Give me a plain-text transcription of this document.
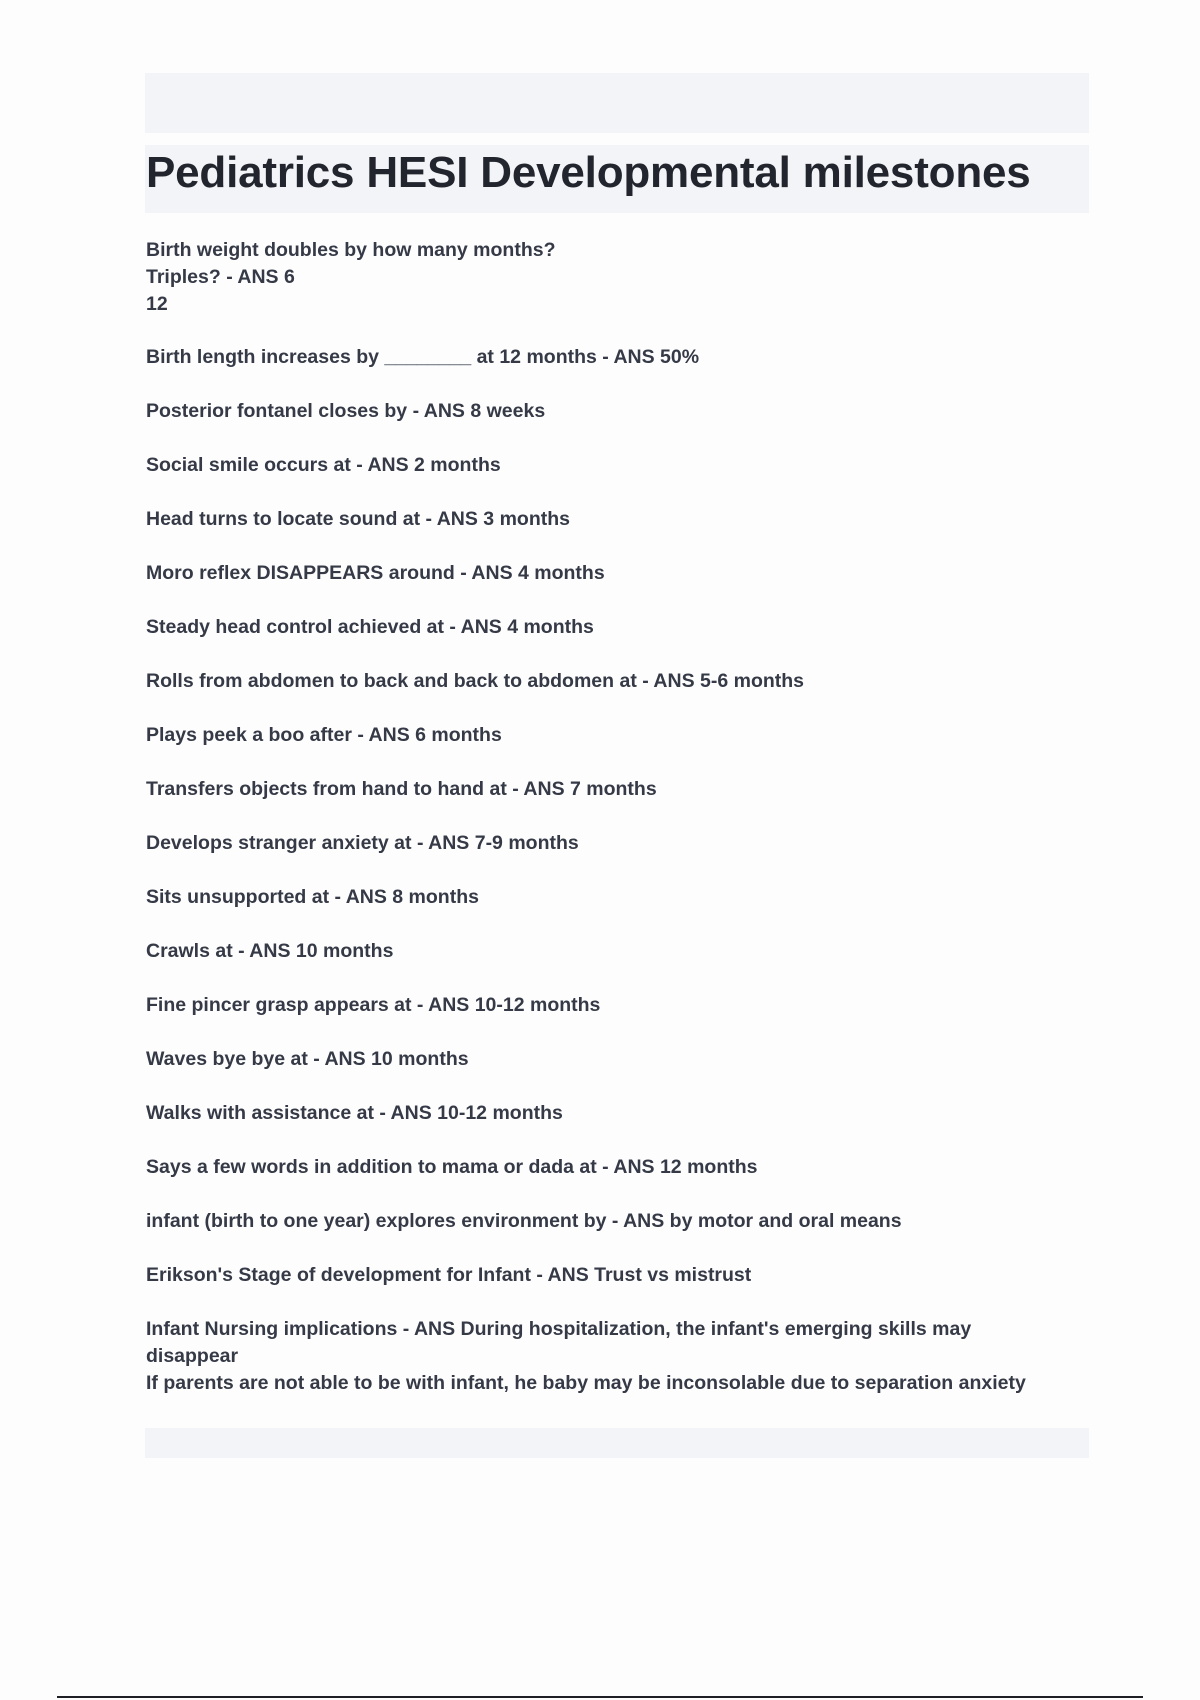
Pediatrics HESI Developmental milestones

Birth weight doubles by how many months?
Triples? - ANS 6
12

Birth length increases by ________ at 12 months - ANS 50%

Posterior fontanel closes by - ANS 8 weeks

Social smile occurs at - ANS 2 months

Head turns to locate sound at - ANS 3 months

Moro reflex DISAPPEARS around - ANS 4 months

Steady head control achieved at - ANS 4 months

Rolls from abdomen to back and back to abdomen at - ANS 5-6 months

Plays peek a boo after - ANS 6 months

Transfers objects from hand to hand at - ANS 7 months

Develops stranger anxiety at - ANS 7-9 months

Sits unsupported at - ANS 8 months

Crawls at - ANS 10 months

Fine pincer grasp appears at - ANS 10-12 months

Waves bye bye at - ANS 10 months

Walks with assistance at - ANS 10-12 months

Says a few words in addition to mama or dada at - ANS 12 months

infant (birth to one year) explores environment by - ANS by motor and oral means

Erikson's Stage of development for Infant - ANS Trust vs mistrust

Infant Nursing implications - ANS During hospitalization, the infant's emerging skills may
disappear
If parents are not able to be with infant, he baby may be inconsolable due to separation anxiety
